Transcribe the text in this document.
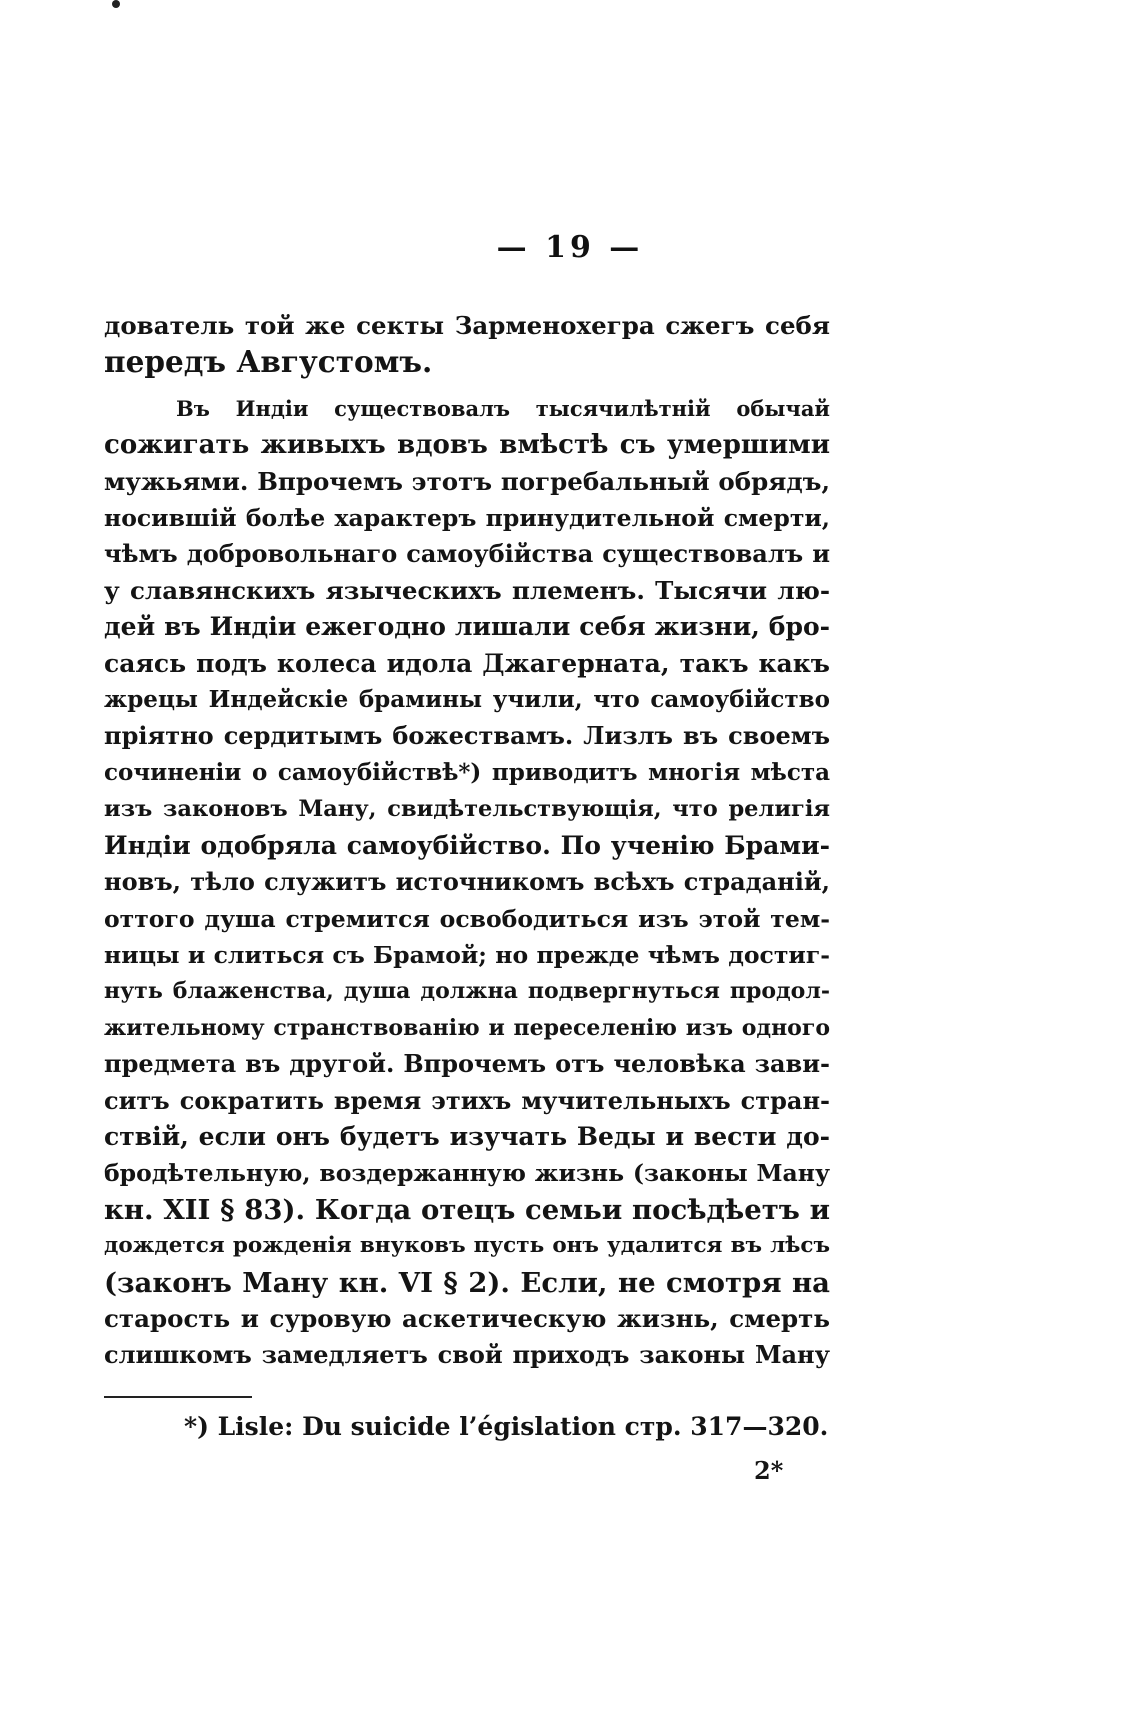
— 19 —
дователь той же секты Зарменохегра сжегъ себя
передъ Августомъ.
Въ Индіи существовалъ тысячилѣтній обычай
сожигать живыхъ вдовъ вмѣстѣ съ умершими
мужьями. Впрочемъ этотъ погребальный обрядъ,
носившій болѣе характеръ принудительной смерти,
чѣмъ добровольнаго самоубійства существовалъ и
у славянскихъ языческихъ племенъ. Тысячи лю-
дей въ Индіи ежегодно лишали себя жизни, бро-
саясь подъ колеса идола Джагерната, такъ какъ
жрецы Индейскіе брамины учили, что самоубійство
пріятно сердитымъ божествамъ. Лизлъ въ своемъ
сочиненіи о самоубійствѣ*) приводитъ многія мѣста
изъ законовъ Ману, свидѣтельствующія, что религія
Индіи одобряла самоубійство. По ученію Брами-
новъ, тѣло служитъ источникомъ всѣхъ страданій,
оттого душа стремится освободиться изъ этой тем-
ницы и слиться съ Брамой; но прежде чѣмъ достиг-
нуть блаженства, душа должна подвергнуться продол-
жительному странствованію и переселенію изъ одного
предмета въ другой. Впрочемъ отъ человѣка зави-
ситъ сократить время этихъ мучительныхъ стран-
ствій, если онъ будетъ изучать Веды и вести до-
бродѣтельную, воздержанную жизнь (законы Ману
кн. XII § 83). Когда отецъ семьи посѣдѣетъ и
дождется рожденія внуковъ пусть онъ удалится въ лѣсъ
(законъ Ману кн. VI § 2). Если, не смотря на
старость и суровую аскетическую жизнь, смерть
слишкомъ замедляетъ свой приходъ законы Ману
*) Lisle: Du suicide l’égislation стр. 317—320.
2*
